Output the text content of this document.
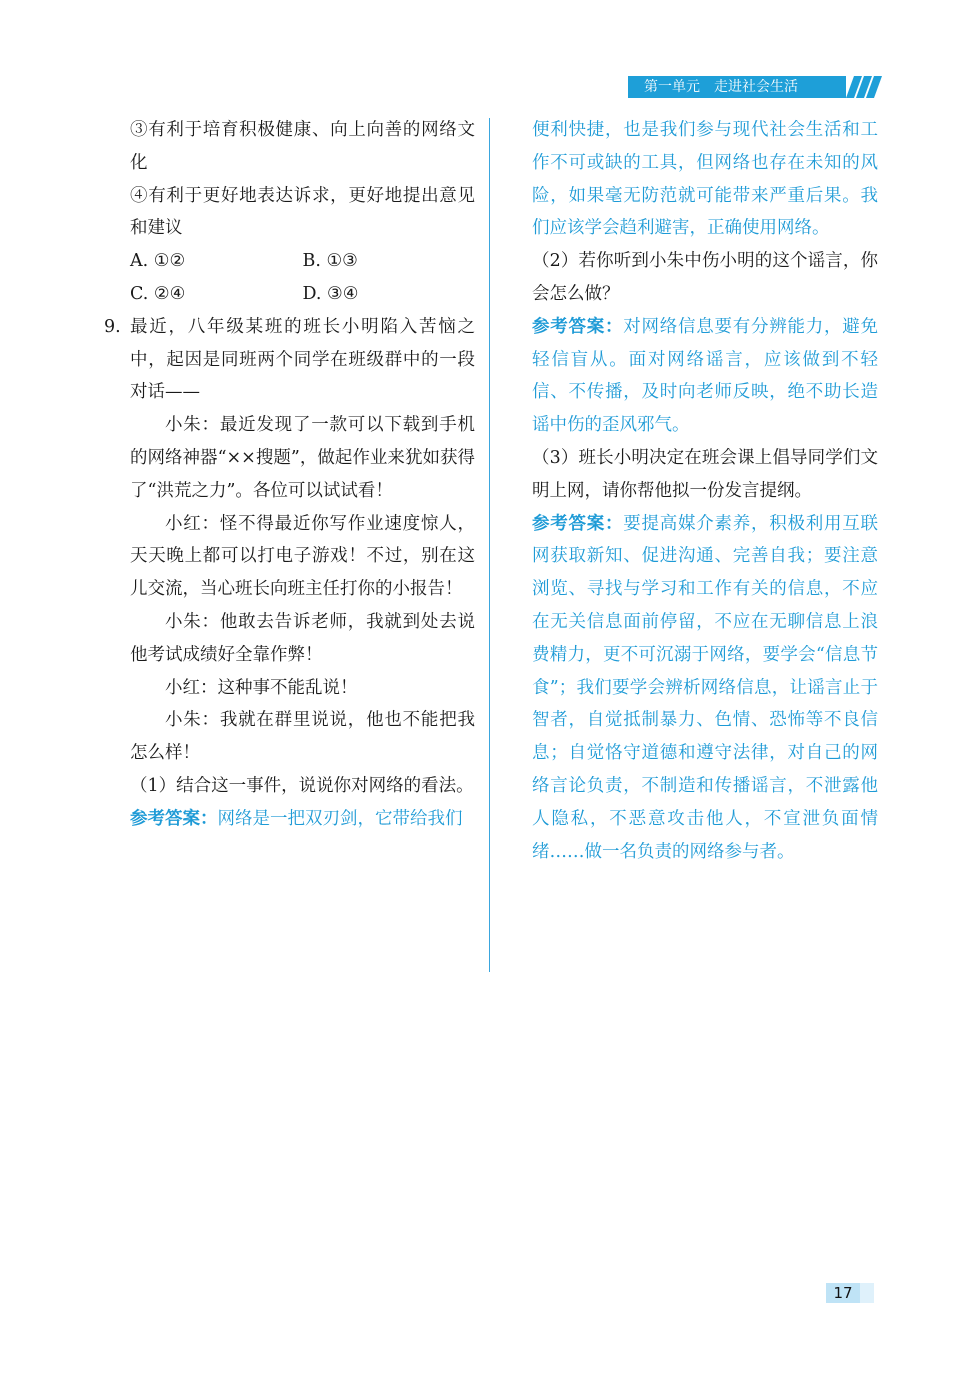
第一单元 走进社会生活

③有利于培育积极健康、向上向善的网络文化

④有利于更好地表达诉求，更好地提出意见和建议

A. ①②	B. ①③
C. ②④	D. ③④
9. 最近，八年级某班的班长小明陷入苦恼之中，起因是同班两个同学在班级群中的一段对话——

小朱：最近发现了一款可以下载到手机的网络神器“××搜题”，做起作业来犹如获得了“洪荒之力”。各位可以试试看！

小红：怪不得最近你写作业速度惊人，天天晚上都可以打电子游戏！不过，别在这儿交流，当心班长向班主任打你的小报告！

小朱：他敢去告诉老师，我就到处去说他考试成绩好全靠作弊！

小红：这种事不能乱说！

小朱：我就在群里说说，他也不能把我怎么样！

（1）结合这一事件，说说你对网络的看法。

参考答案：网络是一把双刃剑，它带给我们

便利快捷，也是我们参与现代社会生活和工作不可或缺的工具，但网络也存在未知的风险，如果毫无防范就可能带来严重后果。我们应该学会趋利避害，正确使用网络。

（2）若你听到小朱中伤小明的这个谣言，你会怎么做？

参考答案：对网络信息要有分辨能力，避免轻信盲从。面对网络谣言，应该做到不轻信、不传播，及时向老师反映，绝不助长造谣中伤的歪风邪气。

（3）班长小明决定在班会课上倡导同学们文明上网，请你帮他拟一份发言提纲。

参考答案：要提高媒介素养，积极利用互联网获取新知、促进沟通、完善自我；要注意浏览、寻找与学习和工作有关的信息，不应在无关信息面前停留，不应在无聊信息上浪费精力，更不可沉溺于网络，要学会“信息节食”；我们要学会辨析网络信息，让谣言止于智者，自觉抵制暴力、色情、恐怖等不良信息；自觉恪守道德和遵守法律，对自己的网络言论负责，不制造和传播谣言，不泄露他人隐私，不恶意攻击他人，不宣泄负面情绪……做一名负责的网络参与者。

17
